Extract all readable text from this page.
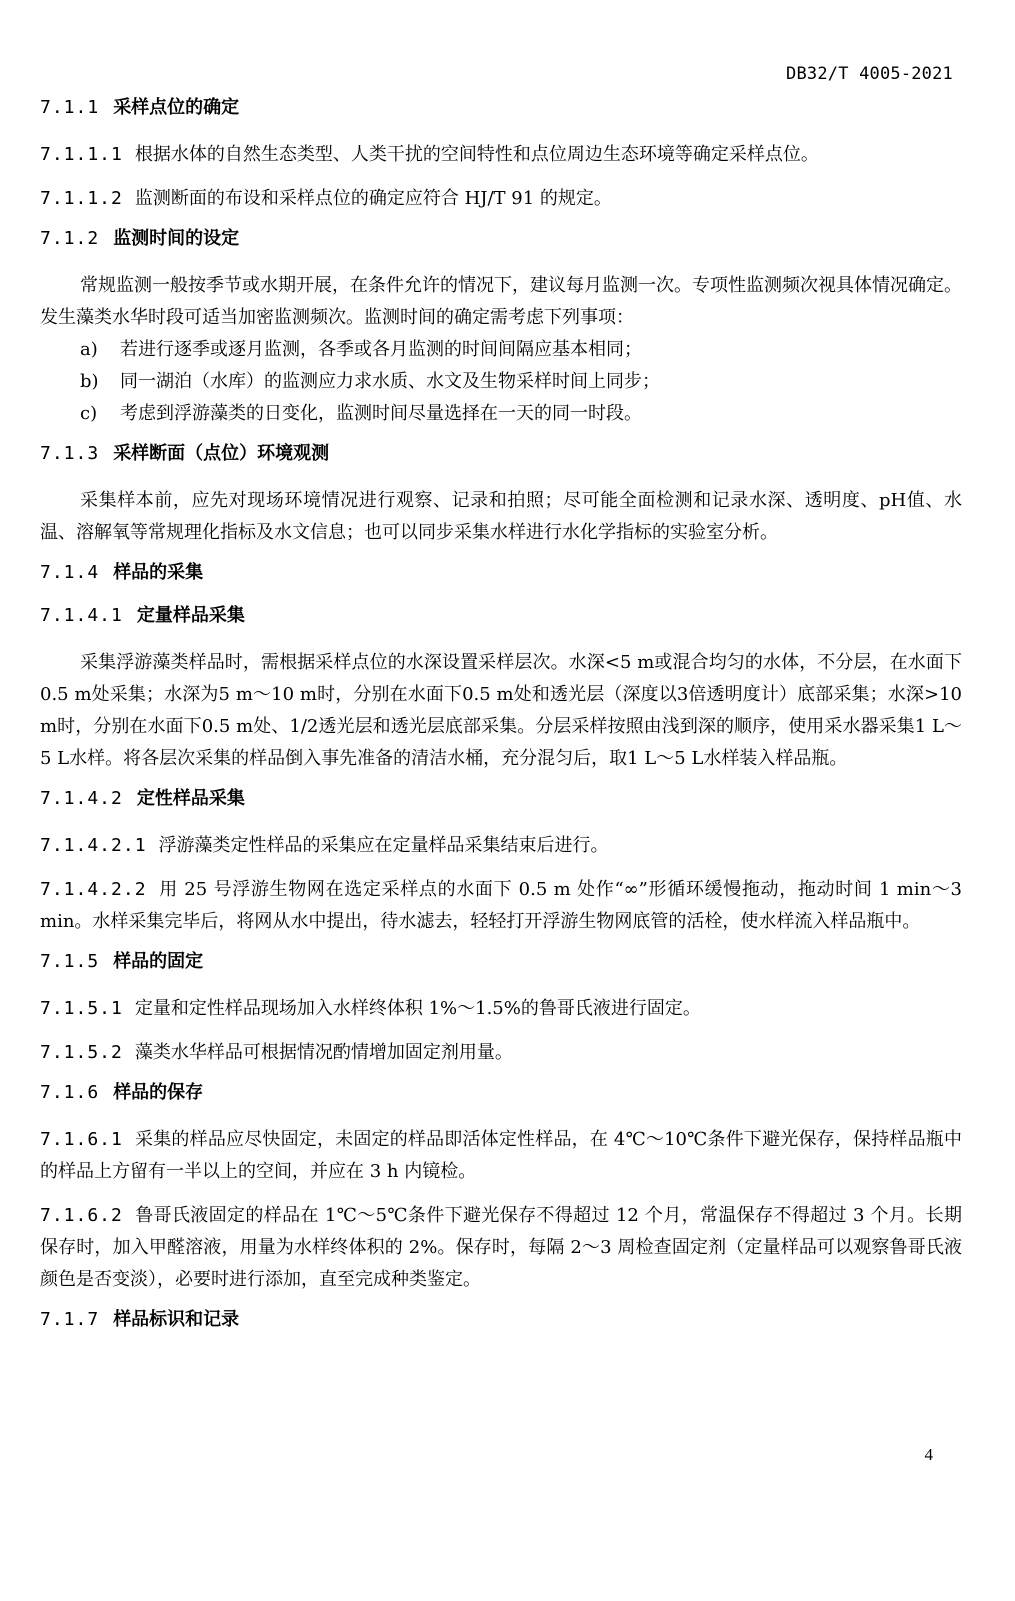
DB32/T 4005-2021
7.1.1 采样点位的确定

7.1.1.1 根据水体的自然生态类型、人类干扰的空间特性和点位周边生态环境等确定采样点位。

7.1.1.2 监测断面的布设和采样点位的确定应符合 HJ/T 91 的规定。

7.1.2 监测时间的设定

常规监测一般按季节或水期开展，在条件允许的情况下，建议每月监测一次。专项性监测频次视具体情况确定。发生藻类水华时段可适当加密监测频次。监测时间的确定需考虑下列事项：

a) 若进行逐季或逐月监测，各季或各月监测的时间间隔应基本相同；

b) 同一湖泊（水库）的监测应力求水质、水文及生物采样时间上同步；

c) 考虑到浮游藻类的日变化，监测时间尽量选择在一天的同一时段。

7.1.3 采样断面（点位）环境观测

采集样本前，应先对现场环境情况进行观察、记录和拍照；尽可能全面检测和记录水深、透明度、pH值、水温、溶解氧等常规理化指标及水文信息；也可以同步采集水样进行水化学指标的实验室分析。

7.1.4 样品的采集
7.1.4.1 定量样品采集

采集浮游藻类样品时，需根据采样点位的水深设置采样层次。水深<5 m或混合均匀的水体，不分层，在水面下0.5 m处采集；水深为5 m～10 m时，分别在水面下0.5 m处和透光层（深度以3倍透明度计）底部采集；水深>10 m时，分别在水面下0.5 m处、1/2透光层和透光层底部采集。分层采样按照由浅到深的顺序，使用采水器采集1 L～5 L水样。将各层次采集的样品倒入事先准备的清洁水桶，充分混匀后，取1 L～5 L水样装入样品瓶。

7.1.4.2 定性样品采集

7.1.4.2.1 浮游藻类定性样品的采集应在定量样品采集结束后进行。

7.1.4.2.2 用 25 号浮游生物网在选定采样点的水面下 0.5 m 处作“∞”形循环缓慢拖动，拖动时间 1 min～3 min。水样采集完毕后，将网从水中提出，待水滤去，轻轻打开浮游生物网底管的活栓，使水样流入样品瓶中。

7.1.5 样品的固定

7.1.5.1 定量和定性样品现场加入水样终体积 1%～1.5%的鲁哥氏液进行固定。

7.1.5.2 藻类水华样品可根据情况酌情增加固定剂用量。

7.1.6 样品的保存

7.1.6.1 采集的样品应尽快固定，未固定的样品即活体定性样品，在 4℃～10℃条件下避光保存，保持样品瓶中的样品上方留有一半以上的空间，并应在 3 h 内镜检。

7.1.6.2 鲁哥氏液固定的样品在 1℃～5℃条件下避光保存不得超过 12 个月，常温保存不得超过 3 个月。长期保存时，加入甲醛溶液，用量为水样终体积的 2%。保存时，每隔 2～3 周检查固定剂（定量样品可以观察鲁哥氏液颜色是否变淡），必要时进行添加，直至完成种类鉴定。

7.1.7 样品标识和记录
4
